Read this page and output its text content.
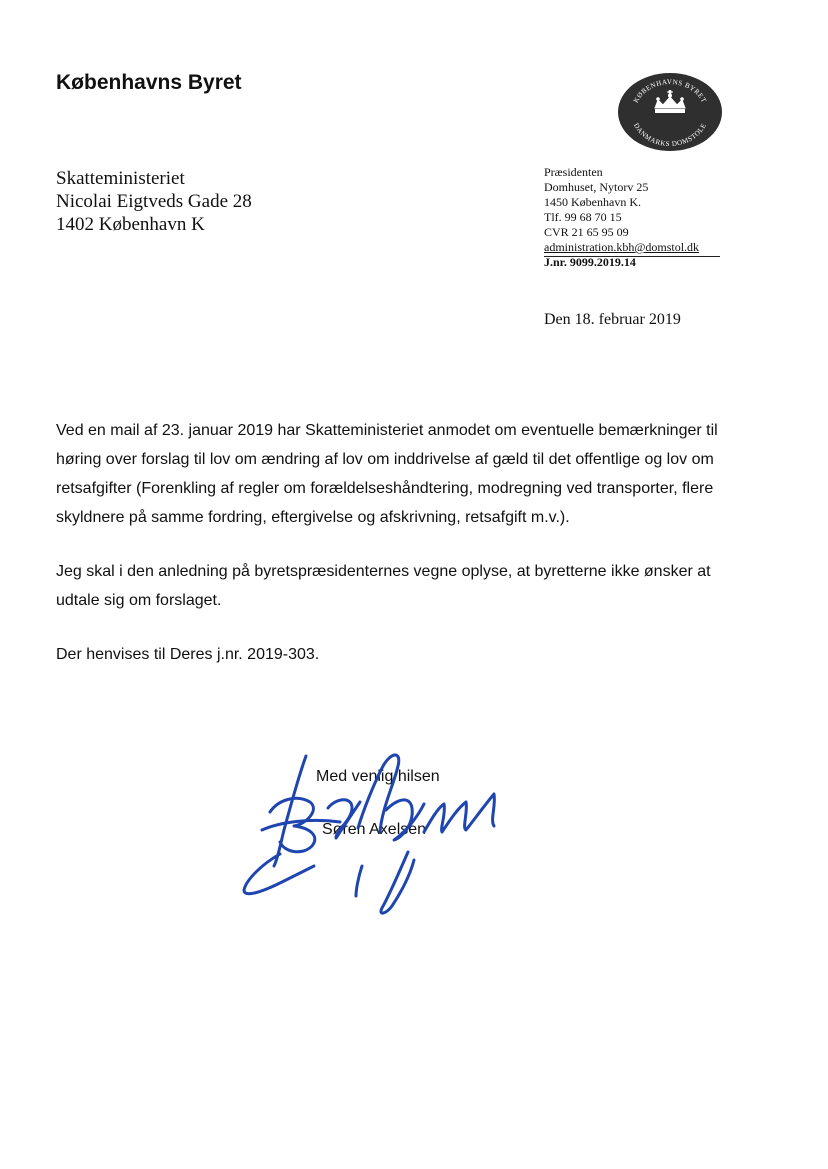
Københavns Byret
KØBENHAVNS BYRET
DANMARKS DOMSTOLE
Skatteministeriet
Nicolai Eigtveds Gade 28
1402 København K
Præsidenten
Domhuset, Nytorv 25
1450 København K.
Tlf. 99 68 70 15
CVR 21 65 95 09
administration.kbh@domstol.dk
J.nr. 9099.2019.14
Den 18. februar 2019
Ved en mail af 23. januar 2019 har Skatteministeriet anmodet om eventuelle bemærkninger til
høring over forslag til lov om ændring af lov om inddrivelse af gæld til det offentlige og lov om
retsafgifter (Forenkling af regler om forældelseshåndtering, modregning ved transporter, flere
skyldnere på samme fordring, eftergivelse og afskrivning, retsafgift m.v.).
Jeg skal i den anledning på byretspræsidenternes vegne oplyse, at byretterne ikke ønsker at
udtale sig om forslaget.
Der henvises til Deres j.nr. 2019-303.
Med venlig hilsen
Søren Axelsen
